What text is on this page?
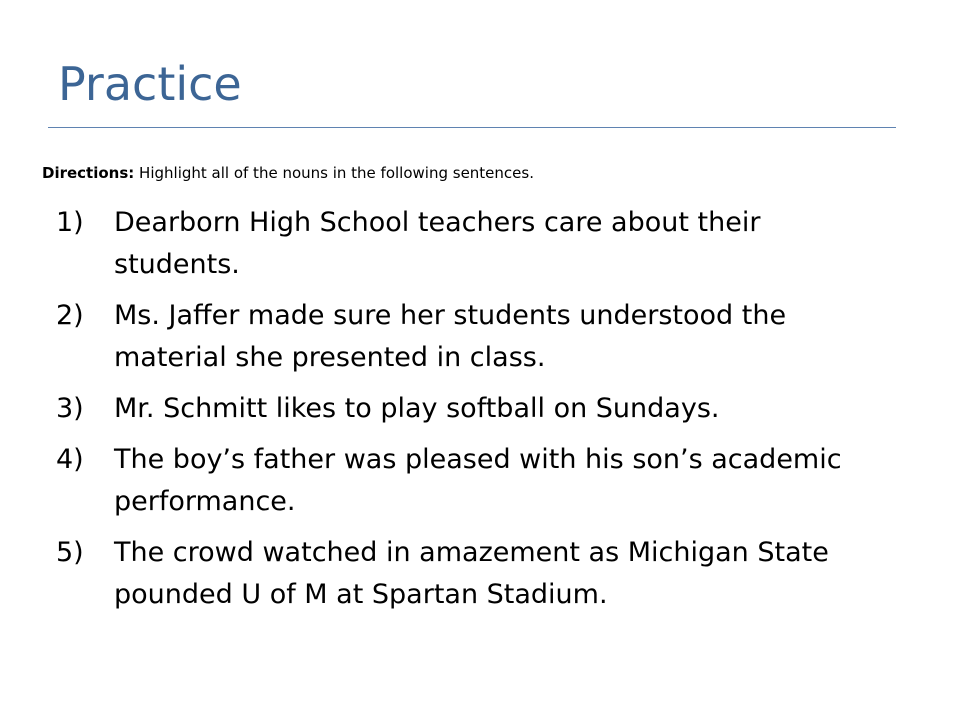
Practice

Directions: Highlight all of the nouns in the following sentences.

1)	Dearborn High School teachers care about their students.
2)	Ms. Jaffer made sure her students understood the material she presented in class.
3)	Mr. Schmitt likes to play softball on Sundays.
4)	The boy’s father was pleased with his son’s academic performance.
5)	The crowd watched in amazement as Michigan State pounded U of M at Spartan Stadium.
